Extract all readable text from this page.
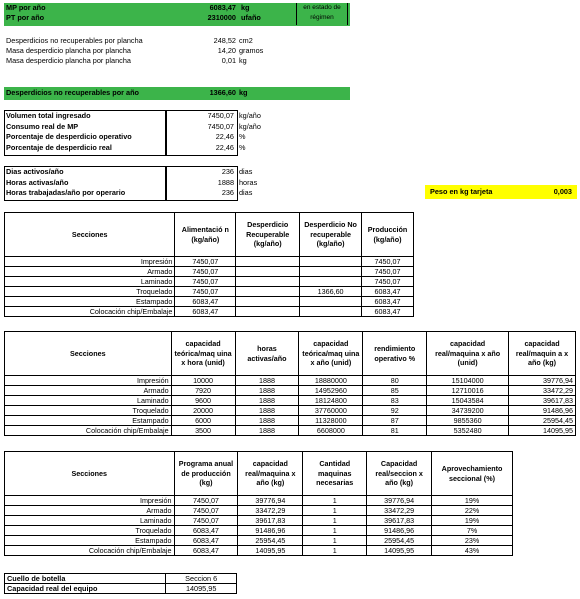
MP por año	6083,47 kg
PT por año	2310000 ufaño
en estado de
régimen
Desperdicios no recuperables por plancha	248,52 cm2
Masa desperdicio plancha por plancha	14,20 gramos
Masa desperdicio plancha por plancha	0,01 kg
Desperdicios no recuperables por año	1366,60 kg
Volumen total ingresado	7450,07 kg/año
Consumo real de MP	7450,07 kg/año
Porcentaje de desperdicio operativo	22,46 %
Porcentaje de desperdicio real	22,46 %
Dias activos/año	236 dias
Horas activas/año	1888 horas
Horas trabajadas/año por operario	236 dias	Peso en kg tarjeta	0,003
Secciones	Alimentació n (kg/año)	Desperdicio Recuperable (kg/año)	Desperdicio No recuperable (kg/año)	Producción (kg/año)
Impresión	7450,07			7450,07
Armado	7450,07			7450,07
Laminado	7450,07			7450,07
Troquelado	7450,07		1366,60	6083,47
Estampado	6083,47			6083,47
Colocación chip/Embalaje	6083,47			6083,47
Secciones	capacidad teórica/maq uina x hora (unid)	horas activas/año	capacidad teórica/maq uina x año (unid)	rendimiento operativo %	capacidad real/maquina x año (unid)	capacidad real/maquin a x año (kg)
Impresión	10000	1888	18880000	80	15104000	39776,94
Armado	7920	1888	14952960	85	12710016	33472,29
Laminado	9600	1888	18124800	83	15043584	39617,83
Troquelado	20000	1888	37760000	92	34739200	91486,96
Estampado	6000	1888	11328000	87	9855360	25954,45
Colocación chip/Embalaje	3500	1888	6608000	81	5352480	14095,95
Secciones	Programa anual de producción (kg)	capacidad real/maquina x año (kg)	Cantidad maquinas necesarias	Capacidad real/seccion x año (kg)	Aprovechamiento seccional (%)
Impresión	7450,07	39776,94	1	39776,94	19%
Armado	7450,07	33472,29	1	33472,29	22%
Laminado	7450,07	39617,83	1	39617,83	19%
Troquelado	6083,47	91486,96	1	91486,96	7%
Estampado	6083,47	25954,45	1	25954,45	23%
Colocación chip/Embalaje	6083,47	14095,95	1	14095,95	43%
Cuello de botella	Seccion 6
Capacidad real del equipo	14095,95
